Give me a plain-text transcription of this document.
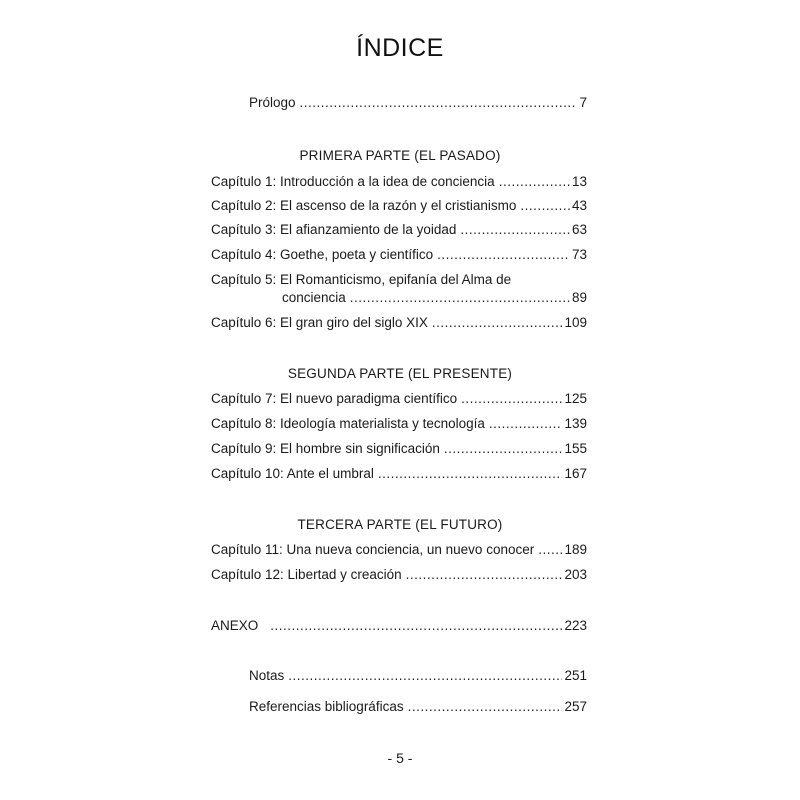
ÍNDICE
Prólogo .....	7
PRIMERA PARTE (EL PASADO)
Capítulo 1: Introducción a la idea de conciencia .....	13
Capítulo 2: El ascenso de la razón y el cristianismo .....	43
Capítulo 3: El afianzamiento de la yoidad .....	63
Capítulo 4: Goethe, poeta y científico .....	73
Capítulo 5: El Romanticismo, epifanía del Alma de
conciencia .....	89
Capítulo 6: El gran giro del siglo XIX .....	109
SEGUNDA PARTE (EL PRESENTE)
Capítulo 7: El nuevo paradigma científico .....	125
Capítulo 8: Ideología materialista y tecnología .....	139
Capítulo 9: El hombre sin significación .....	155
Capítulo 10: Ante el umbral .....	167
TERCERA PARTE (EL FUTURO)
Capítulo 11: Una nueva conciencia, un nuevo conocer ..... 189
Capítulo 12: Libertad y creación .....	203
ANEXO .....	223
Notas .....	251
Referencias bibliográficas .....	257
- 5 -
